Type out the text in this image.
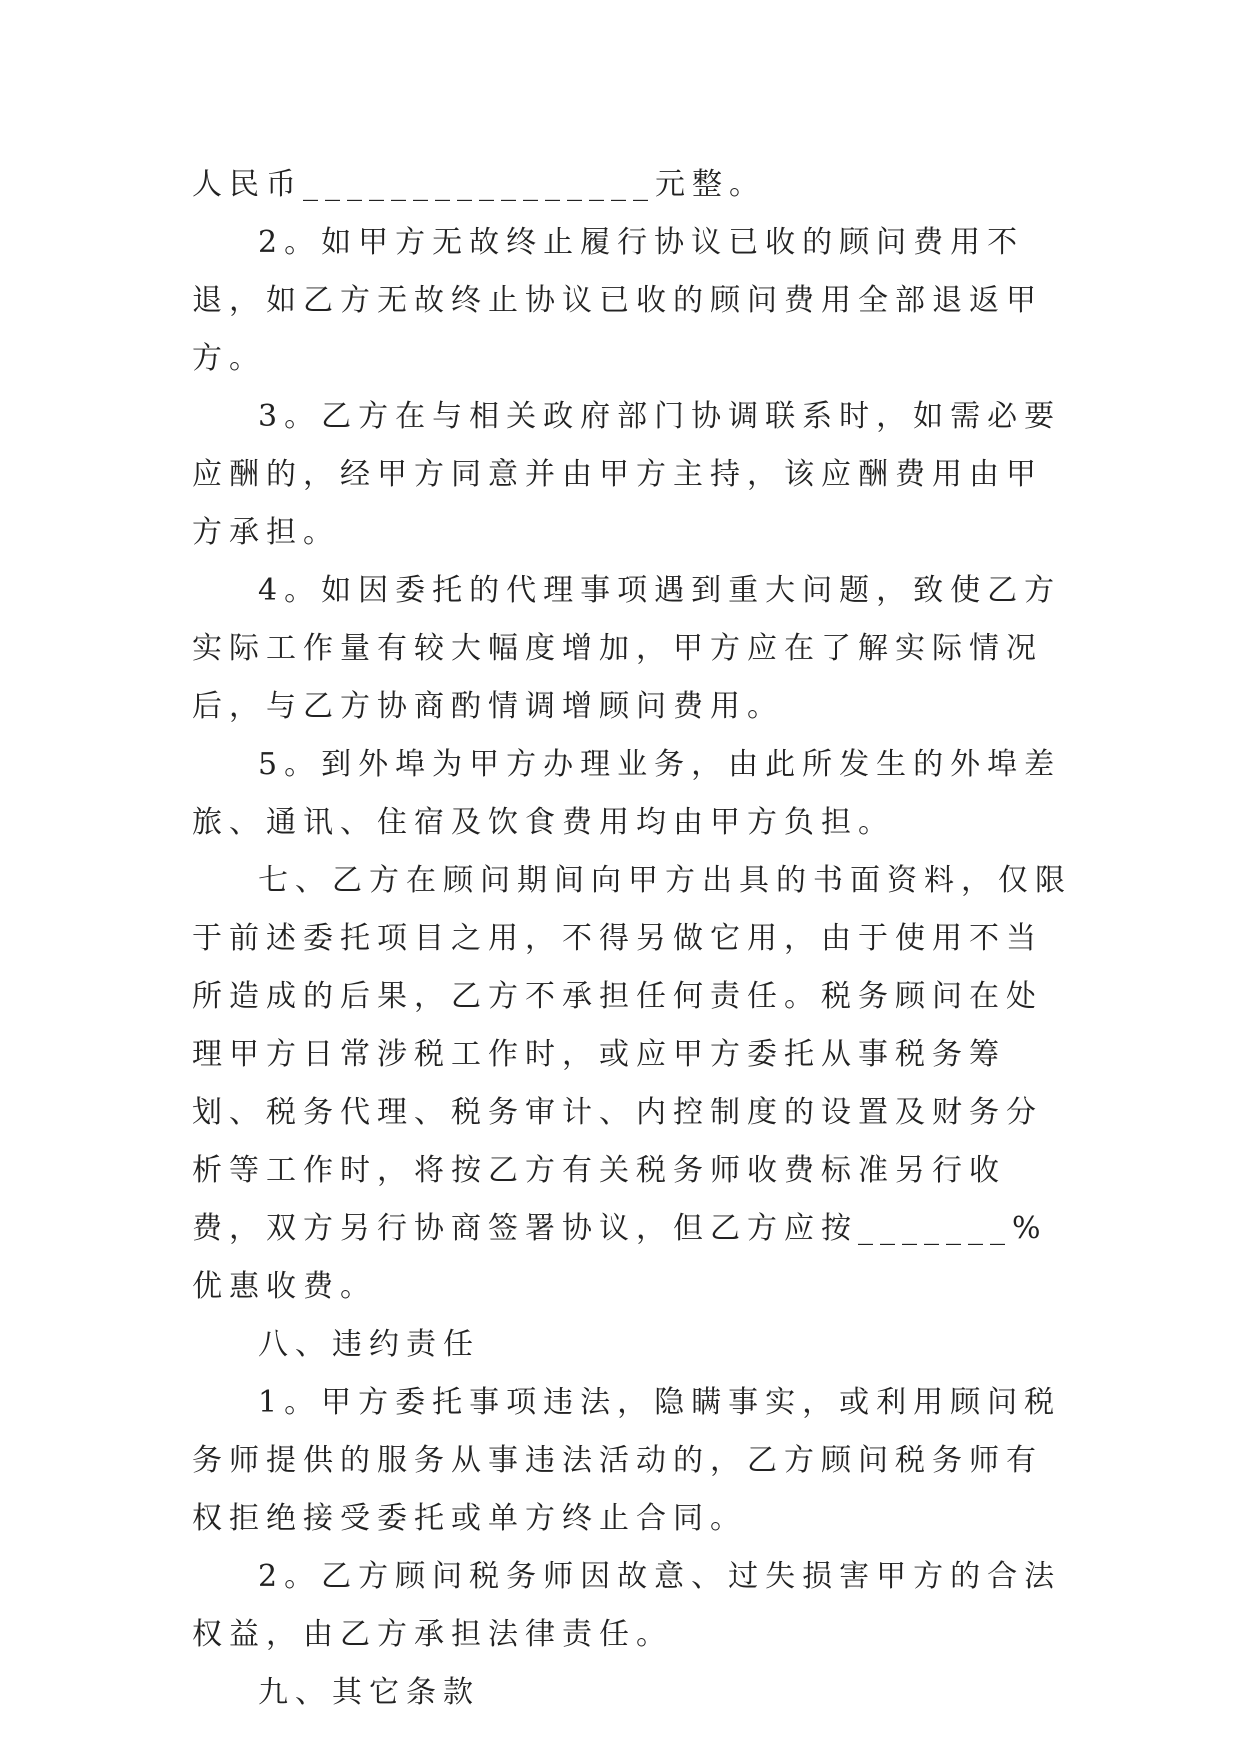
人民币________________元整。

2。如甲方无故终止履行协议已收的顾问费用不退，如乙方无故终止协议已收的顾问费用全部退返甲方。

3。乙方在与相关政府部门协调联系时，如需必要应酬的，经甲方同意并由甲方主持，该应酬费用由甲方承担。

4。如因委托的代理事项遇到重大问题，致使乙方实际工作量有较大幅度增加，甲方应在了解实际情况后，与乙方协商酌情调增顾问费用。

5。到外埠为甲方办理业务，由此所发生的外埠差旅、通讯、住宿及饮食费用均由甲方负担。

七、乙方在顾问期间向甲方出具的书面资料，仅限于前述委托项目之用，不得另做它用，由于使用不当所造成的后果，乙方不承担任何责任。税务顾问在处理甲方日常涉税工作时，或应甲方委托从事税务筹划、税务代理、税务审计、内控制度的设置及财务分析等工作时，将按乙方有关税务师收费标准另行收费，双方另行协商签署协议，但乙方应按_______%优惠收费。

八、违约责任

1。甲方委托事项违法，隐瞒事实，或利用顾问税务师提供的服务从事违法活动的，乙方顾问税务师有权拒绝接受委托或单方终止合同。

2。乙方顾问税务师因故意、过失损害甲方的合法权益，由乙方承担法律责任。

九、其它条款
